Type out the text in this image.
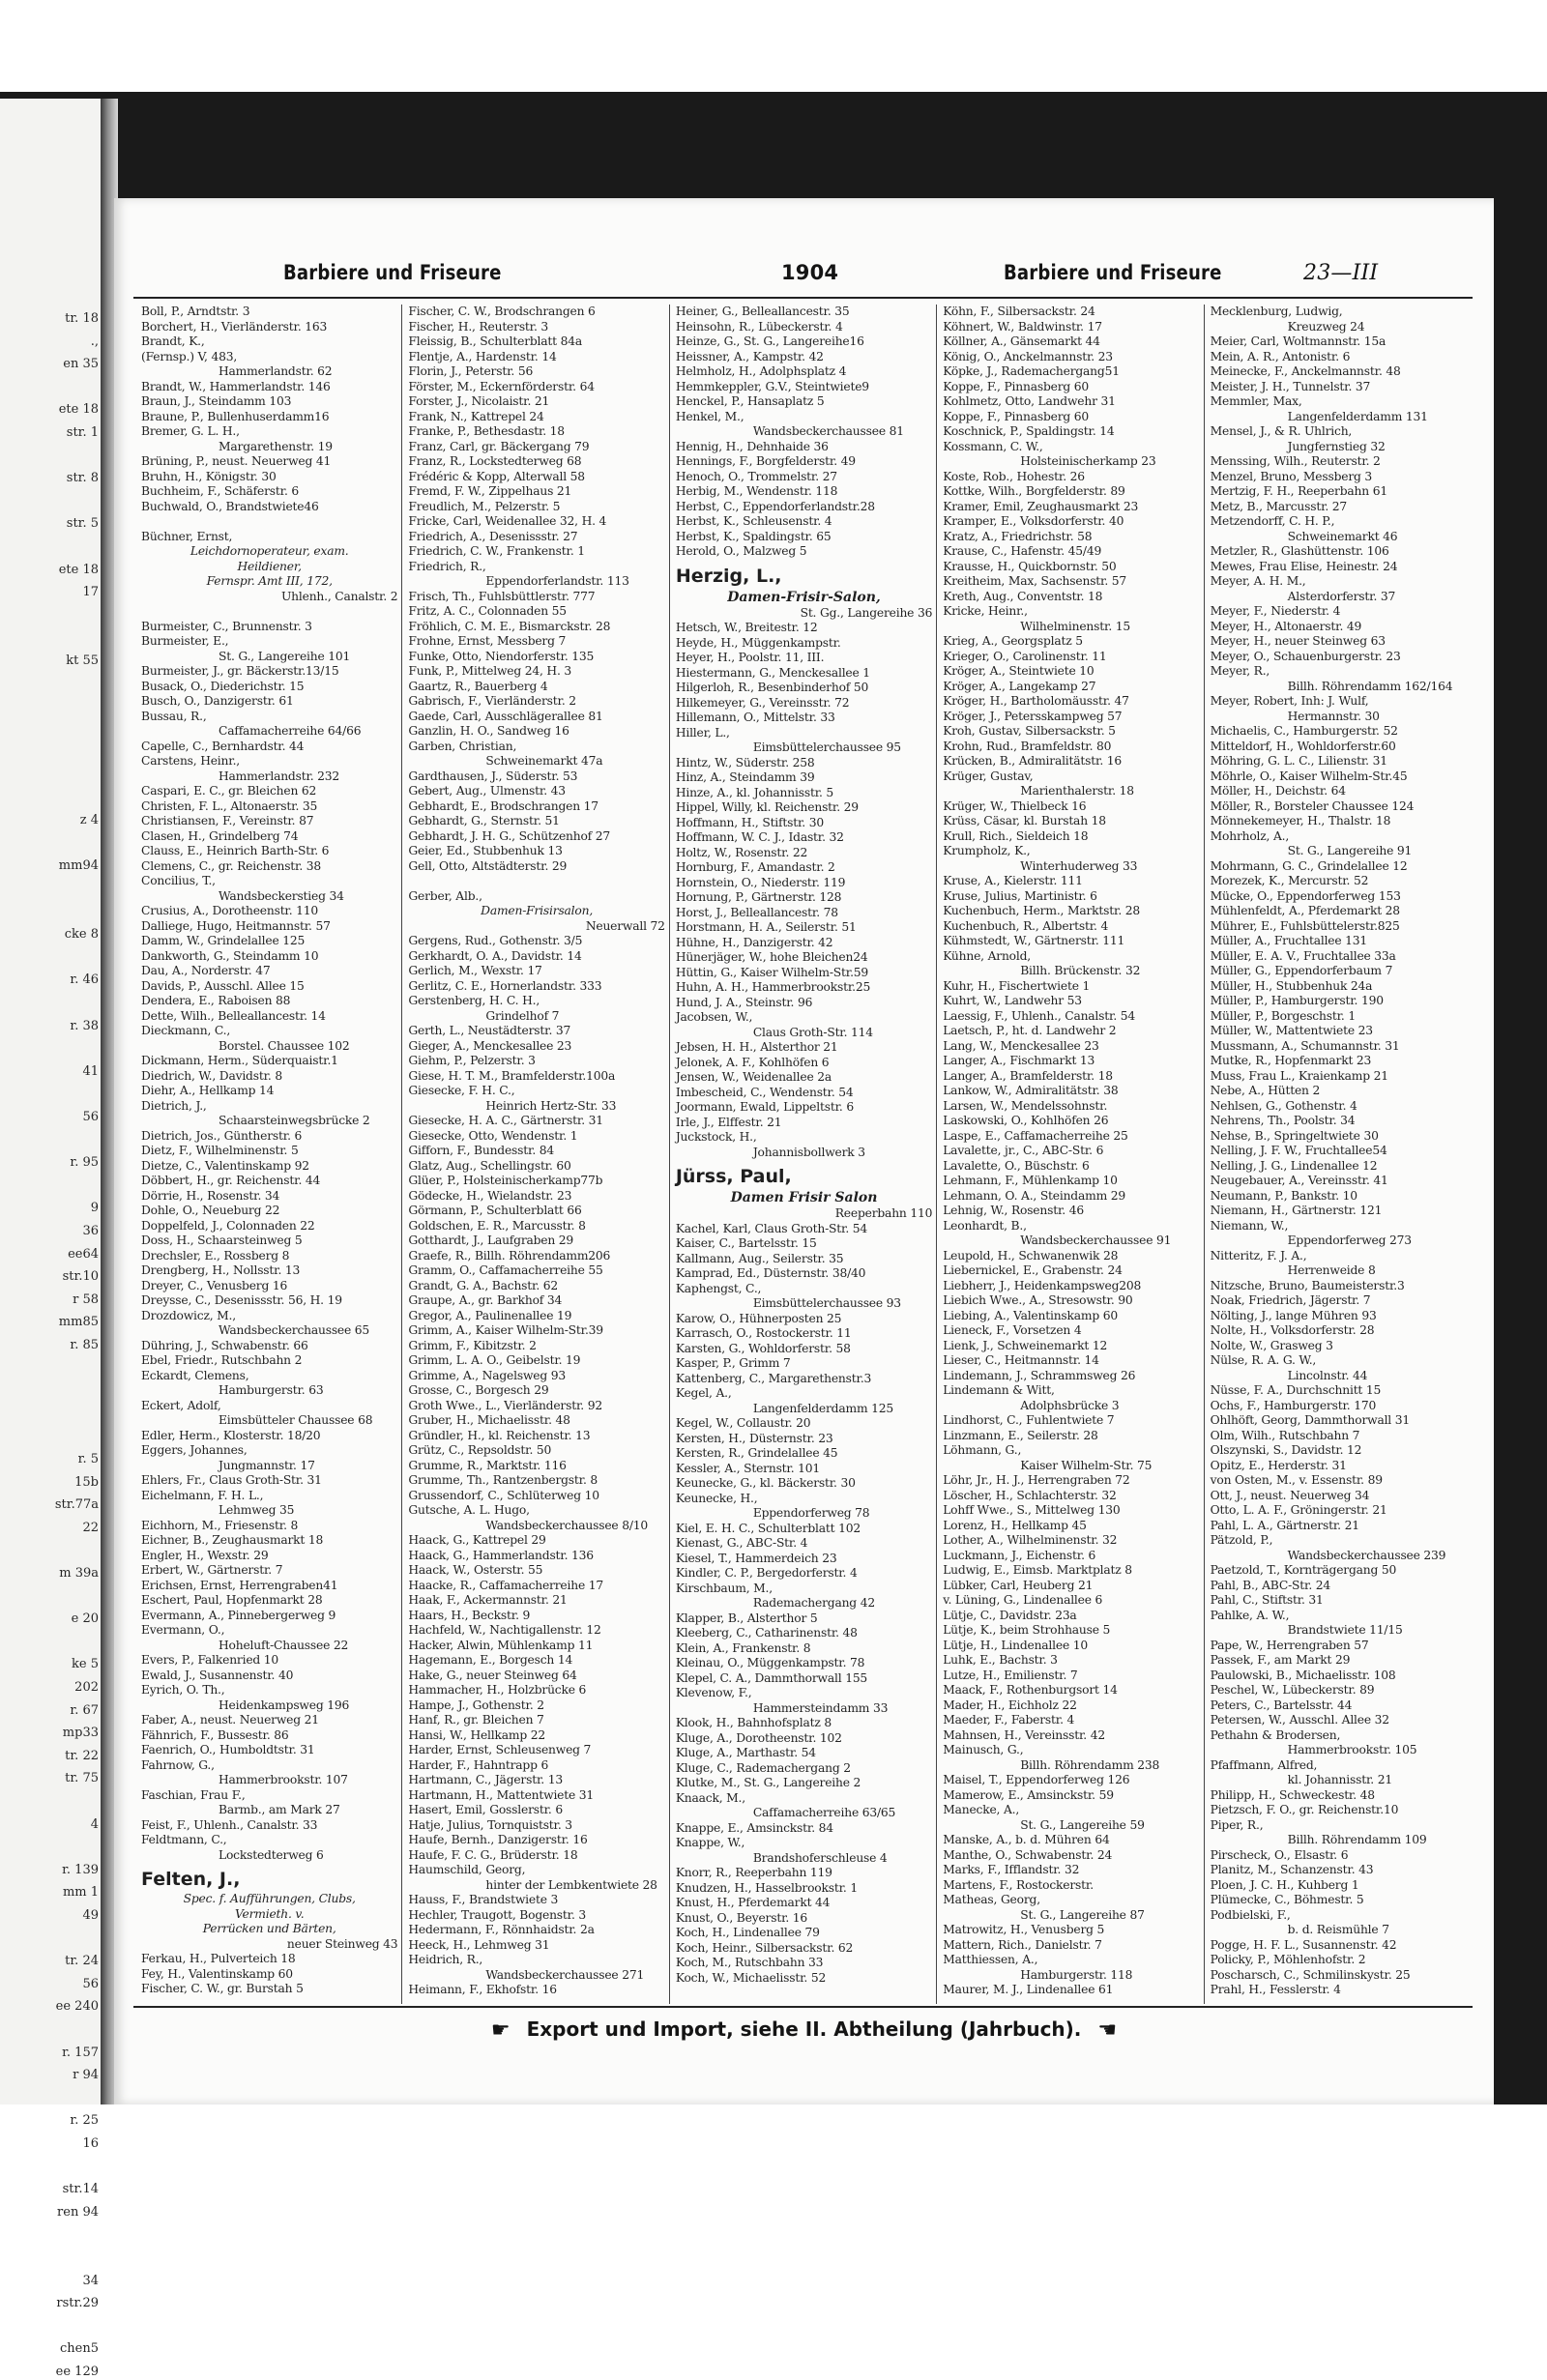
tr. 18
.,
en 35
ete 18
str. 1
str. 8
str. 5
ete 18
17
kt 55
z 4
mm94
cke 8
r. 46
r. 38
41
56
r. 95
9
36
ee64
str.10
r 58
mm85
r. 85
r. 5
15b
str.77a
22
m 39a
e 20
ke 5
202
r. 67
mp33
tr. 22
tr. 75
4
r. 139
mm 1
49
tr. 24
56
ee 240
r. 157
r 94
r. 25
16
str.14
ren 94
34
rstr.29
chen5
ee 129
Barbiere und Friseure	1904	Barbiere und Friseure	23—III
Boll, P., Arndtstr. 3
Borchert, H., Vierländerstr. 163
Brandt, K.,
(Fernsp.) V, 483,
Hammerlandstr. 62
Brandt, W., Hammerlandstr. 146
Braun, J., Steindamm 103
Braune, P., Bullenhuserdamm16
Bremer, G. L. H.,
Margarethenstr. 19
Brüning, P., neust. Neuerweg 41
Bruhn, H., Königstr. 30
Buchheim, F., Schäferstr. 6
Buchwald, O., Brandstwiete46

Büchner, Ernst,
Leichdornoperateur, exam.
Heildiener,
Fernspr. Amt III, 172,
Uhlenh., Canalstr. 2

Burmeister, C., Brunnenstr. 3
Burmeister, E.,
St. G., Langereihe 101
Burmeister, J., gr. Bäckerstr.13/15
Busack, O., Diederichstr. 15
Busch, O., Danzigerstr. 61
Bussau, R.,
Caffamacherreihe 64/66
Capelle, C., Bernhardstr. 44
Carstens, Heinr.,
Hammerlandstr. 232
Caspari, E. C., gr. Bleichen 62
Christen, F. L., Altonaerstr. 35
Christiansen, F., Vereinstr. 87
Clasen, H., Grindelberg 74
Clauss, E., Heinrich Barth-Str. 6
Clemens, C., gr. Reichenstr. 38
Concilius, T.,
Wandsbeckerstieg 34
Crusius, A., Dorotheenstr. 110
Dalliege, Hugo, Heitmannstr. 57
Damm, W., Grindelallee 125
Dankworth, G., Steindamm 10
Dau, A., Norderstr. 47
Davids, P., Ausschl. Allee 15
Dendera, E., Raboisen 88
Dette, Wilh., Belleallancestr. 14
Dieckmann, C.,
Borstel. Chaussee 102
Dickmann, Herm., Süderquaistr.1
Diedrich, W., Davidstr. 8
Diehr, A., Hellkamp 14
Dietrich, J.,
Schaarsteinwegsbrücke 2
Dietrich, Jos., Güntherstr. 6
Dietz, F., Wilhelminenstr. 5
Dietze, C., Valentinskamp 92
Döbbert, H., gr. Reichenstr. 44
Dörrie, H., Rosenstr. 34
Dohle, O., Neueburg 22
Doppelfeld, J., Colonnaden 22
Doss, H., Schaarsteinweg 5
Drechsler, E., Rossberg 8
Drengberg, H., Nollsstr. 13
Dreyer, C., Venusberg 16
Dreysse, C., Desenissstr. 56, H. 19
Drozdowicz, M.,
Wandsbeckerchaussee 65
Dühring, J., Schwabenstr. 66
Ebel, Friedr., Rutschbahn 2
Eckardt, Clemens,
Hamburgerstr. 63
Eckert, Adolf,
Eimsbütteler Chaussee 68
Edler, Herm., Klosterstr. 18/20
Eggers, Johannes,
Jungmannstr. 17
Ehlers, Fr., Claus Groth-Str. 31
Eichelmann, F. H. L.,
Lehmweg 35
Eichhorn, M., Friesenstr. 8
Eichner, B., Zeughausmarkt 18
Engler, H., Wexstr. 29
Erbert, W., Gärtnerstr. 7
Erichsen, Ernst, Herrengraben41
Eschert, Paul, Hopfenmarkt 28
Evermann, A., Pinnebergerweg 9
Evermann, O.,
Hoheluft-Chaussee 22
Evers, P., Falkenried 10
Ewald, J., Susannenstr. 40
Eyrich, O. Th.,
Heidenkampsweg 196
Faber, A., neust. Neuerweg 21
Fähnrich, F., Bussestr. 86
Faenrich, O., Humboldtstr. 31
Fahrnow, G.,
Hammerbrookstr. 107
Faschian, Frau F.,
Barmb., am Mark 27
Feist, F., Uhlenh., Canalstr. 33
Feldtmann, C.,
Lockstedterweg 6
Felten, J.,
Spec. f. Aufführungen, Clubs,
Vermieth. v.
Perrücken und Bärten,
neuer Steinweg 43
Ferkau, H., Pulverteich 18
Fey, H., Valentinskamp 60
Fischer, C. W., gr. Burstah 5
Fischer, C. W., Brodschrangen 6
Fischer, H., Reuterstr. 3
Fleissig, B., Schulterblatt 84a
Flentje, A., Hardenstr. 14
Florin, J., Peterstr. 56
Förster, M., Eckernförderstr. 64
Forster, J., Nicolaistr. 21
Frank, N., Kattrepel 24
Franke, P., Bethesdastr. 18
Franz, Carl, gr. Bäckergang 79
Franz, R., Lockstedterweg 68
Frédéric & Kopp, Alterwall 58
Fremd, F. W., Zippelhaus 21
Freudlich, M., Pelzerstr. 5
Fricke, Carl, Weidenallee 32, H. 4
Friedrich, A., Desenissstr. 27
Friedrich, C. W., Frankenstr. 1
Friedrich, R.,
Eppendorferlandstr. 113
Frisch, Th., Fuhlsbüttlerstr. 777
Fritz, A. C., Colonnaden 55
Fröhlich, C. M. E., Bismarckstr. 28
Frohne, Ernst, Messberg 7
Funke, Otto, Niendorferstr. 135
Funk, P., Mittelweg 24, H. 3
Gaartz, R., Bauerberg 4
Gabrisch, F., Vierländerstr. 2
Gaede, Carl, Ausschlägerallee 81
Ganzlin, H. O., Sandweg 16
Garben, Christian,
Schweinemarkt 47a
Gardthausen, J., Süderstr. 53
Gebert, Aug., Ulmenstr. 43
Gebhardt, E., Brodschrangen 17
Gebhardt, G., Sternstr. 51
Gebhardt, J. H. G., Schützenhof 27
Geier, Ed., Stubbenhuk 13
Gell, Otto, Altstädterstr. 29

Gerber, Alb.,
Damen-Frisirsalon,
Neuerwall 72
Gergens, Rud., Gothenstr. 3/5
Gerkhardt, O. A., Davidstr. 14
Gerlich, M., Wexstr. 17
Gerlitz, C. E., Hornerlandstr. 333
Gerstenberg, H. C. H.,
Grindelhof 7
Gerth, L., Neustädterstr. 37
Gieger, A., Menckesallee 23
Giehm, P., Pelzerstr. 3
Giese, H. T. M., Bramfelderstr.100a
Giesecke, F. H. C.,
Heinrich Hertz-Str. 33
Giesecke, H. A. C., Gärtnerstr. 31
Giesecke, Otto, Wendenstr. 1
Gifforn, F., Bundesstr. 84
Glatz, Aug., Schellingstr. 60
Glüer, P., Holsteinischerkamp77b
Gödecke, H., Wielandstr. 23
Görmann, P., Schulterblatt 66
Goldschen, E. R., Marcusstr. 8
Gotthardt, J., Laufgraben 29
Graefe, R., Billh. Röhrendamm206
Gramm, O., Caffamacherreihe 55
Grandt, G. A., Bachstr. 62
Graupe, A., gr. Barkhof 34
Gregor, A., Paulinenallee 19
Grimm, A., Kaiser Wilhelm-Str.39
Grimm, F., Kibitzstr. 2
Grimm, L. A. O., Geibelstr. 19
Grimme, A., Nagelsweg 93
Grosse, C., Borgesch 29
Groth Wwe., L., Vierländerstr. 92
Gruber, H., Michaelisstr. 48
Gründler, H., kl. Reichenstr. 13
Grütz, C., Repsoldstr. 50
Grumme, R., Marktstr. 116
Grumme, Th., Rantzenbergstr. 8
Grussendorf, C., Schlüterweg 10
Gutsche, A. L. Hugo,
Wandsbeckerchaussee 8/10
Haack, G., Kattrepel 29
Haack, G., Hammerlandstr. 136
Haack, W., Osterstr. 55
Haacke, R., Caffamacherreihe 17
Haak, F., Ackermannstr. 21
Haars, H., Beckstr. 9
Hachfeld, W., Nachtigallenstr. 12
Hacker, Alwin, Mühlenkamp 11
Hagemann, E., Borgesch 14
Hake, G., neuer Steinweg 64
Hammacher, H., Holzbrücke 6
Hampe, J., Gothenstr. 2
Hanf, R., gr. Bleichen 7
Hansi, W., Hellkamp 22
Harder, Ernst, Schleusenweg 7
Harder, F., Hahntrapp 6
Hartmann, C., Jägerstr. 13
Hartmann, H., Mattentwiete 31
Hasert, Emil, Gosslerstr. 6
Hatje, Julius, Tornquiststr. 3
Haufe, Bernh., Danzigerstr. 16
Haufe, F. C. G., Brüderstr. 18
Haumschild, Georg,
hinter der Lembkentwiete 28
Hauss, F., Brandstwiete 3
Hechler, Traugott, Bogenstr. 3
Hedermann, F., Rönnhaidstr. 2a
Heeck, H., Lehmweg 31
Heidrich, R.,
Wandsbeckerchaussee 271
Heimann, F., Ekhofstr. 16
Heiner, G., Belleallancestr. 35
Heinsohn, R., Lübeckerstr. 4
Heinze, G., St. G., Langereihe16
Heissner, A., Kampstr. 42
Helmholz, H., Adolphsplatz 4
Hemmkeppler, G.V., Steintwiete9
Henckel, P., Hansaplatz 5
Henkel, M.,
Wandsbeckerchaussee 81
Hennig, H., Dehnhaide 36
Hennings, F., Borgfelderstr. 49
Henoch, O., Trommelstr. 27
Herbig, M., Wendenstr. 118
Herbst, C., Eppendorferlandstr.28
Herbst, K., Schleusenstr. 4
Herbst, K., Spaldingstr. 65
Herold, O., Malzweg 5
Herzig, L.,
Damen-Frisir-Salon,
St. Gg., Langereihe 36
Hetsch, W., Breitestr. 12
Heyde, H., Müggenkampstr.
Heyer, H., Poolstr. 11, III.
Hiestermann, G., Menckesallee 1
Hilgerloh, R., Besenbinderhof 50
Hilkemeyer, G., Vereinsstr. 72
Hillemann, O., Mittelstr. 33
Hiller, L.,
Eimsbüttelerchaussee 95
Hintz, W., Süderstr. 258
Hinz, A., Steindamm 39
Hinze, A., kl. Johannisstr. 5
Hippel, Willy, kl. Reichenstr. 29
Hoffmann, H., Stiftstr. 30
Hoffmann, W. C. J., Idastr. 32
Holtz, W., Rosenstr. 22
Hornburg, F., Amandastr. 2
Hornstein, O., Niederstr. 119
Hornung, P., Gärtnerstr. 128
Horst, J., Belleallancestr. 78
Horstmann, H. A., Seilerstr. 51
Hühne, H., Danzigerstr. 42
Hünerjäger, W., hohe Bleichen24
Hüttin, G., Kaiser Wilhelm-Str.59
Huhn, A. H., Hammerbrookstr.25
Hund, J. A., Steinstr. 96
Jacobsen, W.,
Claus Groth-Str. 114
Jebsen, H. H., Alsterthor 21
Jelonek, A. F., Kohlhöfen 6
Jensen, W., Weidenallee 2a
Imbescheid, C., Wendenstr. 54
Joormann, Ewald, Lippeltstr. 6
Irle, J., Elffestr. 21
Juckstock, H.,
Johannisbollwerk 3
Jürss, Paul,
Damen Frisir Salon
Reeperbahn 110
Kachel, Karl, Claus Groth-Str. 54
Kaiser, C., Bartelsstr. 15
Kallmann, Aug., Seilerstr. 35
Kamprad, Ed., Düsternstr. 38/40
Kaphengst, C.,
Eimsbüttelerchaussee 93
Karow, O., Hühnerposten 25
Karrasch, O., Rostockerstr. 11
Karsten, G., Wohldorferstr. 58
Kasper, P., Grimm 7
Kattenberg, C., Margarethenstr.3
Kegel, A.,
Langenfelderdamm 125
Kegel, W., Collaustr. 20
Kersten, H., Düsternstr. 23
Kersten, R., Grindelallee 45
Kessler, A., Sternstr. 101
Keunecke, G., kl. Bäckerstr. 30
Keunecke, H.,
Eppendorferweg 78
Kiel, E. H. C., Schulterblatt 102
Kienast, G., ABC-Str. 4
Kiesel, T., Hammerdeich 23
Kindler, C. P., Bergedorferstr. 4
Kirschbaum, M.,
Rademachergang 42
Klapper, B., Alsterthor 5
Kleeberg, C., Catharinenstr. 48
Klein, A., Frankenstr. 8
Kleinau, O., Müggenkampstr. 78
Klepel, C. A., Dammthorwall 155
Klevenow, F.,
Hammersteindamm 33
Klook, H., Bahnhofsplatz 8
Kluge, A., Dorotheenstr. 102
Kluge, A., Marthastr. 54
Kluge, C., Rademachergang 2
Klutke, M., St. G., Langereihe 2
Knaack, M.,
Caffamacherreihe 63/65
Knappe, E., Amsinckstr. 84
Knappe, W.,
Brandshoferschleuse 4
Knorr, R., Reeperbahn 119
Knudzen, H., Hasselbrookstr. 1
Knust, H., Pferdemarkt 44
Knust, O., Beyerstr. 16
Koch, H., Lindenallee 79
Koch, Heinr., Silbersackstr. 62
Koch, M., Rutschbahn 33
Koch, W., Michaelisstr. 52
Köhn, F., Silbersackstr. 24
Köhnert, W., Baldwinstr. 17
Köllner, A., Gänsemarkt 44
König, O., Anckelmannstr. 23
Köpke, J., Rademachergang51
Koppe, F., Pinnasberg 60
Kohlmetz, Otto, Landwehr 31
Koppe, F., Pinnasberg 60
Koschnick, P., Spaldingstr. 14
Kossmann, C. W.,
Holsteinischerkamp 23
Koste, Rob., Hohestr. 26
Kottke, Wilh., Borgfelderstr. 89
Kramer, Emil, Zeughausmarkt 23
Kramper, E., Volksdorferstr. 40
Kratz, A., Friedrichstr. 58
Krause, C., Hafenstr. 45/49
Krausse, H., Quickbornstr. 50
Kreitheim, Max, Sachsenstr. 57
Kreth, Aug., Conventstr. 18
Kricke, Heinr.,
Wilhelminenstr. 15
Krieg, A., Georgsplatz 5
Krieger, O., Carolinenstr. 11
Kröger, A., Steintwiete 10
Kröger, A., Langekamp 27
Kröger, H., Bartholomäusstr. 47
Kröger, J., Petersskampweg 57
Kroh, Gustav, Silbersackstr. 5
Krohn, Rud., Bramfeldstr. 80
Krücken, B., Admiralitätstr. 16
Krüger, Gustav,
Marienthalerstr. 18
Krüger, W., Thielbeck 16
Krüss, Cäsar, kl. Burstah 18
Krull, Rich., Sieldeich 18
Krumpholz, K.,
Winterhuderweg 33
Kruse, A., Kielerstr. 111
Kruse, Julius, Martinistr. 6
Kuchenbuch, Herm., Marktstr. 28
Kuchenbuch, R., Albertstr. 4
Kühmstedt, W., Gärtnerstr. 111
Kühne, Arnold,
Billh. Brückenstr. 32
Kuhr, H., Fischertwiete 1
Kuhrt, W., Landwehr 53
Laessig, F., Uhlenh., Canalstr. 54
Laetsch, P., ht. d. Landwehr 2
Lang, W., Menckesallee 23
Langer, A., Fischmarkt 13
Langer, A., Bramfelderstr. 18
Lankow, W., Admiralitätstr. 38
Larsen, W., Mendelssohnstr.
Laskowski, O., Kohlhöfen 26
Laspe, E., Caffamacherreihe 25
Lavalette, jr., C., ABC-Str. 6
Lavalette, O., Büschstr. 6
Lehmann, F., Mühlenkamp 10
Lehmann, O. A., Steindamm 29
Lehnig, W., Rosenstr. 46
Leonhardt, B.,
Wandsbeckerchaussee 91
Leupold, H., Schwanenwik 28
Liebernickel, E., Grabenstr. 24
Liebherr, J., Heidenkampsweg208
Liebich Wwe., A., Stresowstr. 90
Liebing, A., Valentinskamp 60
Lieneck, F., Vorsetzen 4
Lienk, J., Schweinemarkt 12
Lieser, C., Heitmannstr. 14
Lindemann, J., Schrammsweg 26
Lindemann & Witt,
Adolphsbrücke 3
Lindhorst, C., Fuhlentwiete 7
Linzmann, E., Seilerstr. 28
Löhmann, G.,
Kaiser Wilhelm-Str. 75
Löhr, Jr., H. J., Herrengraben 72
Löscher, H., Schlachterstr. 32
Lohff Wwe., S., Mittelweg 130
Lorenz, H., Hellkamp 45
Lother, A., Wilhelminenstr. 32
Luckmann, J., Eichenstr. 6
Ludwig, E., Eimsb. Marktplatz 8
Lübker, Carl, Heuberg 21
v. Lüning, G., Lindenallee 6
Lütje, C., Davidstr. 23a
Lütje, K., beim Strohhause 5
Lütje, H., Lindenallee 10
Luhk, E., Bachstr. 3
Lutze, H., Emilienstr. 7
Maack, F., Rothenburgsort 14
Mader, H., Eichholz 22
Maeder, F., Faberstr. 4
Mahnsen, H., Vereinsstr. 42
Mainusch, G.,
Billh. Röhrendamm 238
Maisel, T., Eppendorferweg 126
Mamerow, E., Amsinckstr. 59
Manecke, A.,
St. G., Langereihe 59
Manske, A., b. d. Mühren 64
Manthe, O., Schwabenstr. 24
Marks, F., Ifflandstr. 32
Martens, F., Rostockerstr.
Matheas, Georg,
St. G., Langereihe 87
Matrowitz, H., Venusberg 5
Mattern, Rich., Danielstr. 7
Matthiessen, A.,
Hamburgerstr. 118
Maurer, M. J., Lindenallee 61
Mecklenburg, Ludwig,
Kreuzweg 24
Meier, Carl, Woltmannstr. 15a
Mein, A. R., Antonistr. 6
Meinecke, F., Anckelmannstr. 48
Meister, J. H., Tunnelstr. 37
Memmler, Max,
Langenfelderdamm 131
Mensel, J., & R. Uhlrich,
Jungfernstieg 32
Menssing, Wilh., Reuterstr. 2
Menzel, Bruno, Messberg 3
Mertzig, F. H., Reeperbahn 61
Metz, B., Marcusstr. 27
Metzendorff, C. H. P.,
Schweinemarkt 46
Metzler, R., Glashüttenstr. 106
Mewes, Frau Elise, Heinestr. 24
Meyer, A. H. M.,
Alsterdorferstr. 37
Meyer, F., Niederstr. 4
Meyer, H., Altonaerstr. 49
Meyer, H., neuer Steinweg 63
Meyer, O., Schauenburgerstr. 23
Meyer, R.,
Billh. Röhrendamm 162/164
Meyer, Robert, Inh: J. Wulf,
Hermannstr. 30
Michaelis, C., Hamburgerstr. 52
Mitteldorf, H., Wohldorferstr.60
Möhring, G. L. C., Lilienstr. 31
Möhrle, O., Kaiser Wilhelm-Str.45
Möller, H., Deichstr. 64
Möller, R., Borsteler Chaussee 124
Mönnekemeyer, H., Thalstr. 18
Mohrholz, A.,
St. G., Langereihe 91
Mohrmann, G. C., Grindelallee 12
Morezek, K., Mercurstr. 52
Mücke, O., Eppendorferweg 153
Mühlenfeldt, A., Pferdemarkt 28
Mührer, E., Fuhlsbüttelerstr.825
Müller, A., Fruchtallee 131
Müller, E. A. V., Fruchtallee 33a
Müller, G., Eppendorferbaum 7
Müller, H., Stubbenhuk 24a
Müller, P., Hamburgerstr. 190
Müller, P., Borgeschstr. 1
Müller, W., Mattentwiete 23
Mussmann, A., Schumannstr. 31
Mutke, R., Hopfenmarkt 23
Muss, Frau L., Kraienkamp 21
Nebe, A., Hütten 2
Nehlsen, G., Gothenstr. 4
Nehrens, Th., Poolstr. 34
Nehse, B., Springeltwiete 30
Nelling, J. F. W., Fruchtallee54
Nelling, J. G., Lindenallee 12
Neugebauer, A., Vereinsstr. 41
Neumann, P., Bankstr. 10
Niemann, H., Gärtnerstr. 121
Niemann, W.,
Eppendorferweg 273
Nitteritz, F. J. A.,
Herrenweide 8
Nitzsche, Bruno, Baumeisterstr.3
Noak, Friedrich, Jägerstr. 7
Nölting, J., lange Mühren 93
Nolte, H., Volksdorferstr. 28
Nolte, W., Grasweg 3
Nülse, R. A. G. W.,
Lincolnstr. 44
Nüsse, F. A., Durchschnitt 15
Ochs, F., Hamburgerstr. 170
Ohlhöft, Georg, Dammthorwall 31
Olm, Wilh., Rutschbahn 7
Olszynski, S., Davidstr. 12
Opitz, E., Herderstr. 31
von Osten, M., v. Essenstr. 89
Ott, J., neust. Neuerweg 34
Otto, L. A. F., Gröningerstr. 21
Pahl, L. A., Gärtnerstr. 21
Pätzold, P.,
Wandsbeckerchaussee 239
Paetzold, T., Kornträgergang 50
Pahl, B., ABC-Str. 24
Pahl, C., Stiftstr. 31
Pahlke, A. W.,
Brandstwiete 11/15
Pape, W., Herrengraben 57
Passek, F., am Markt 29
Paulowski, B., Michaelisstr. 108
Peschel, W., Lübeckerstr. 89
Peters, C., Bartelsstr. 44
Petersen, W., Ausschl. Allee 32
Pethahn & Brodersen,
Hammerbrookstr. 105
Pfaffmann, Alfred,
kl. Johannisstr. 21
Philipp, H., Schweckestr. 48
Pietzsch, F. O., gr. Reichenstr.10
Piper, R.,
Billh. Röhrendamm 109
Pirscheck, O., Elsastr. 6
Planitz, M., Schanzenstr. 43
Ploen, J. C. H., Kuhberg 1
Plümecke, C., Böhmestr. 5
Podbielski, F.,
b. d. Reismühle 7
Pogge, H. F. L., Susannenstr. 42
Policky, P., Möhlenhofstr. 2
Poscharsch, C., Schmilinskystr. 25
Prahl, H., Fesslerstr. 4
☛ Export und Import, siehe II. Abtheilung (Jahrbuch). ☚
